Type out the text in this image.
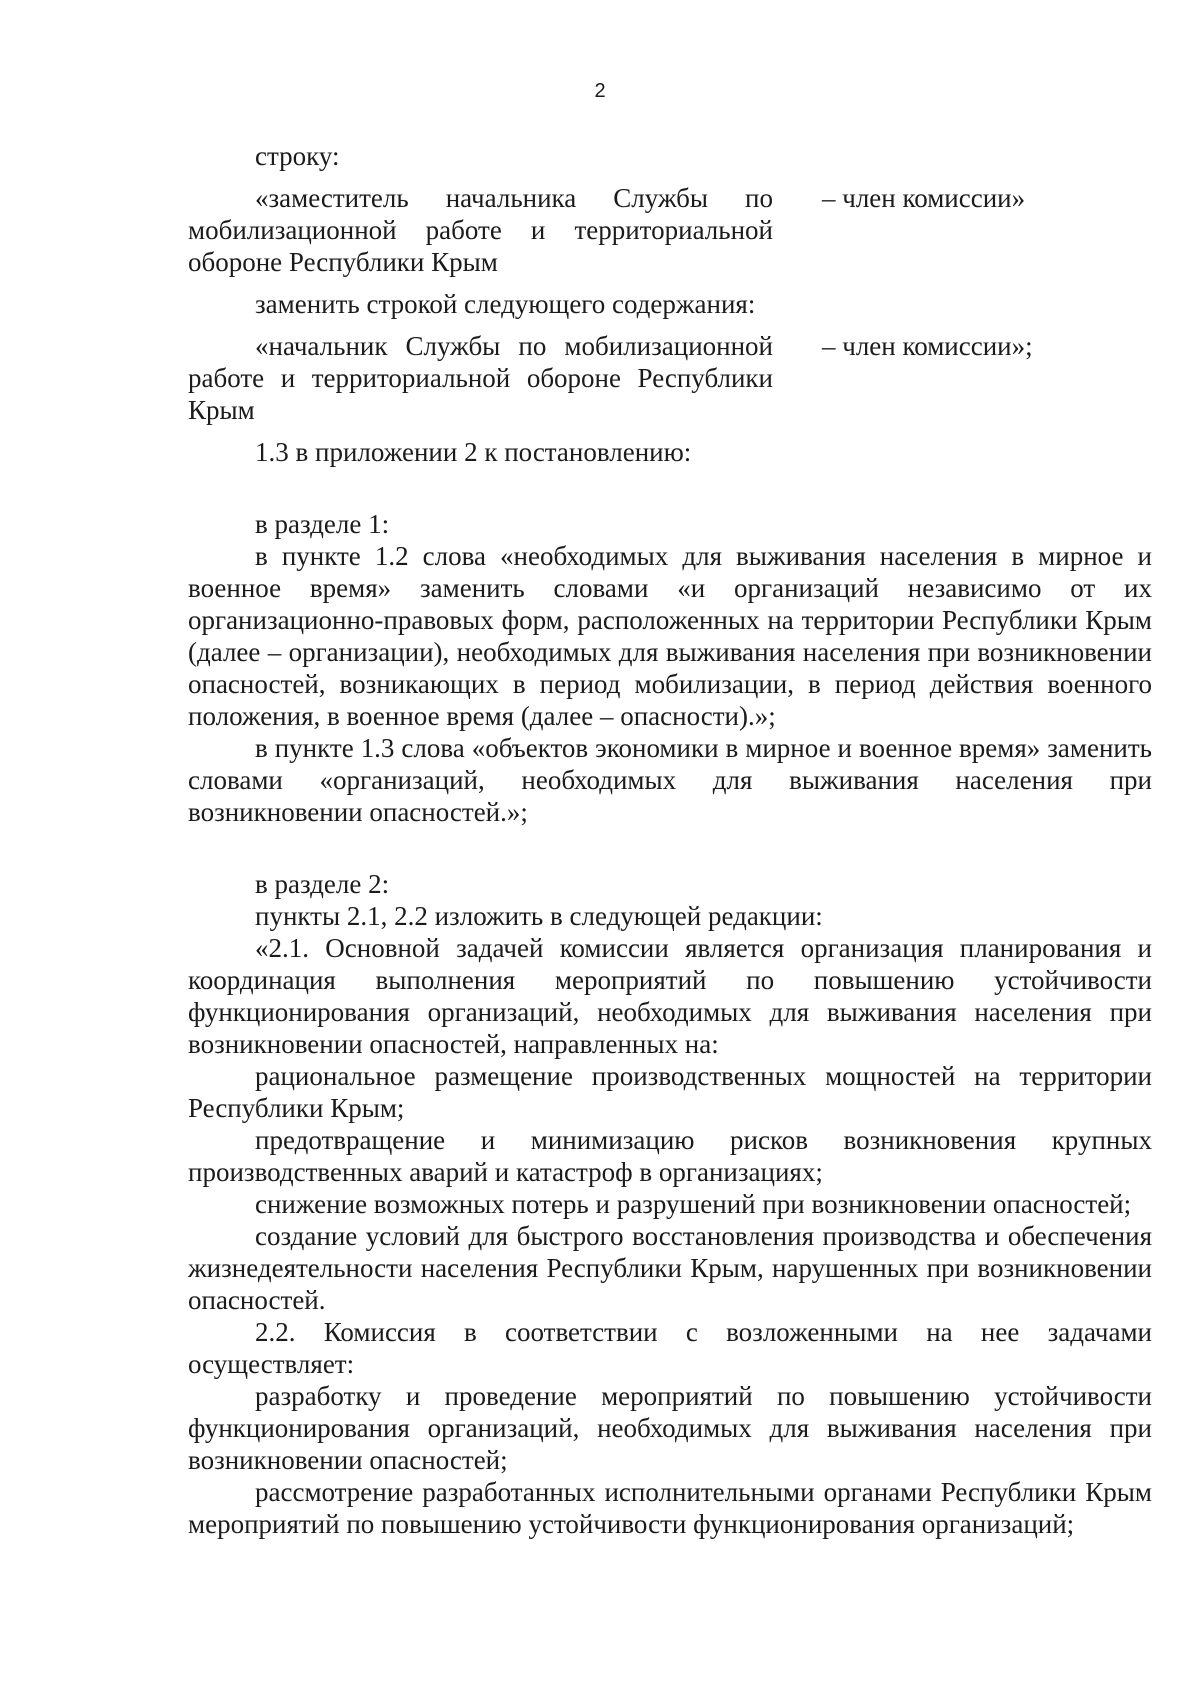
2

строку:

«заместитель начальника Службы по мобилизационной работе и территориальной обороне Республики Крым

– член комиссии»

заменить строкой следующего содержания:

«начальник Службы по мобилизационной работе и территориальной обороне Республики Крым

– член комиссии»;

1.3 в приложении 2 к постановлению:

в разделе 1:

в пункте 1.2 слова «необходимых для выживания населения в мирное и военное время» заменить словами «и организаций независимо от их организационно-правовых форм, расположенных на территории Республики Крым (далее – организации), необходимых для выживания населения при возникновении опасностей, возникающих в период мобилизации, в период действия военного положения, в военное время (далее – опасности).»;

в пункте 1.3 слова «объектов экономики в мирное и военное время» заменить словами «организаций, необходимых для выживания населения при возникновении опасностей.»;

в разделе 2:

пункты 2.1, 2.2 изложить в следующей редакции:

«2.1. Основной задачей комиссии является организация планирования и координация выполнения мероприятий по повышению устойчивости функционирования организаций, необходимых для выживания населения при возникновении опасностей, направленных на:

рациональное размещение производственных мощностей на территории Республики Крым;

предотвращение и минимизацию рисков возникновения крупных производственных аварий и катастроф в организациях;

снижение возможных потерь и разрушений при возникновении опасностей;

создание условий для быстрого восстановления производства и обеспечения жизнедеятельности населения Республики Крым, нарушенных при возникновении опасностей.

2.2. Комиссия в соответствии с возложенными на нее задачами осуществляет:

разработку и проведение мероприятий по повышению устойчивости функционирования организаций, необходимых для выживания населения при возникновении опасностей;

рассмотрение разработанных исполнительными органами Республики Крым мероприятий по повышению устойчивости функционирования организаций;
